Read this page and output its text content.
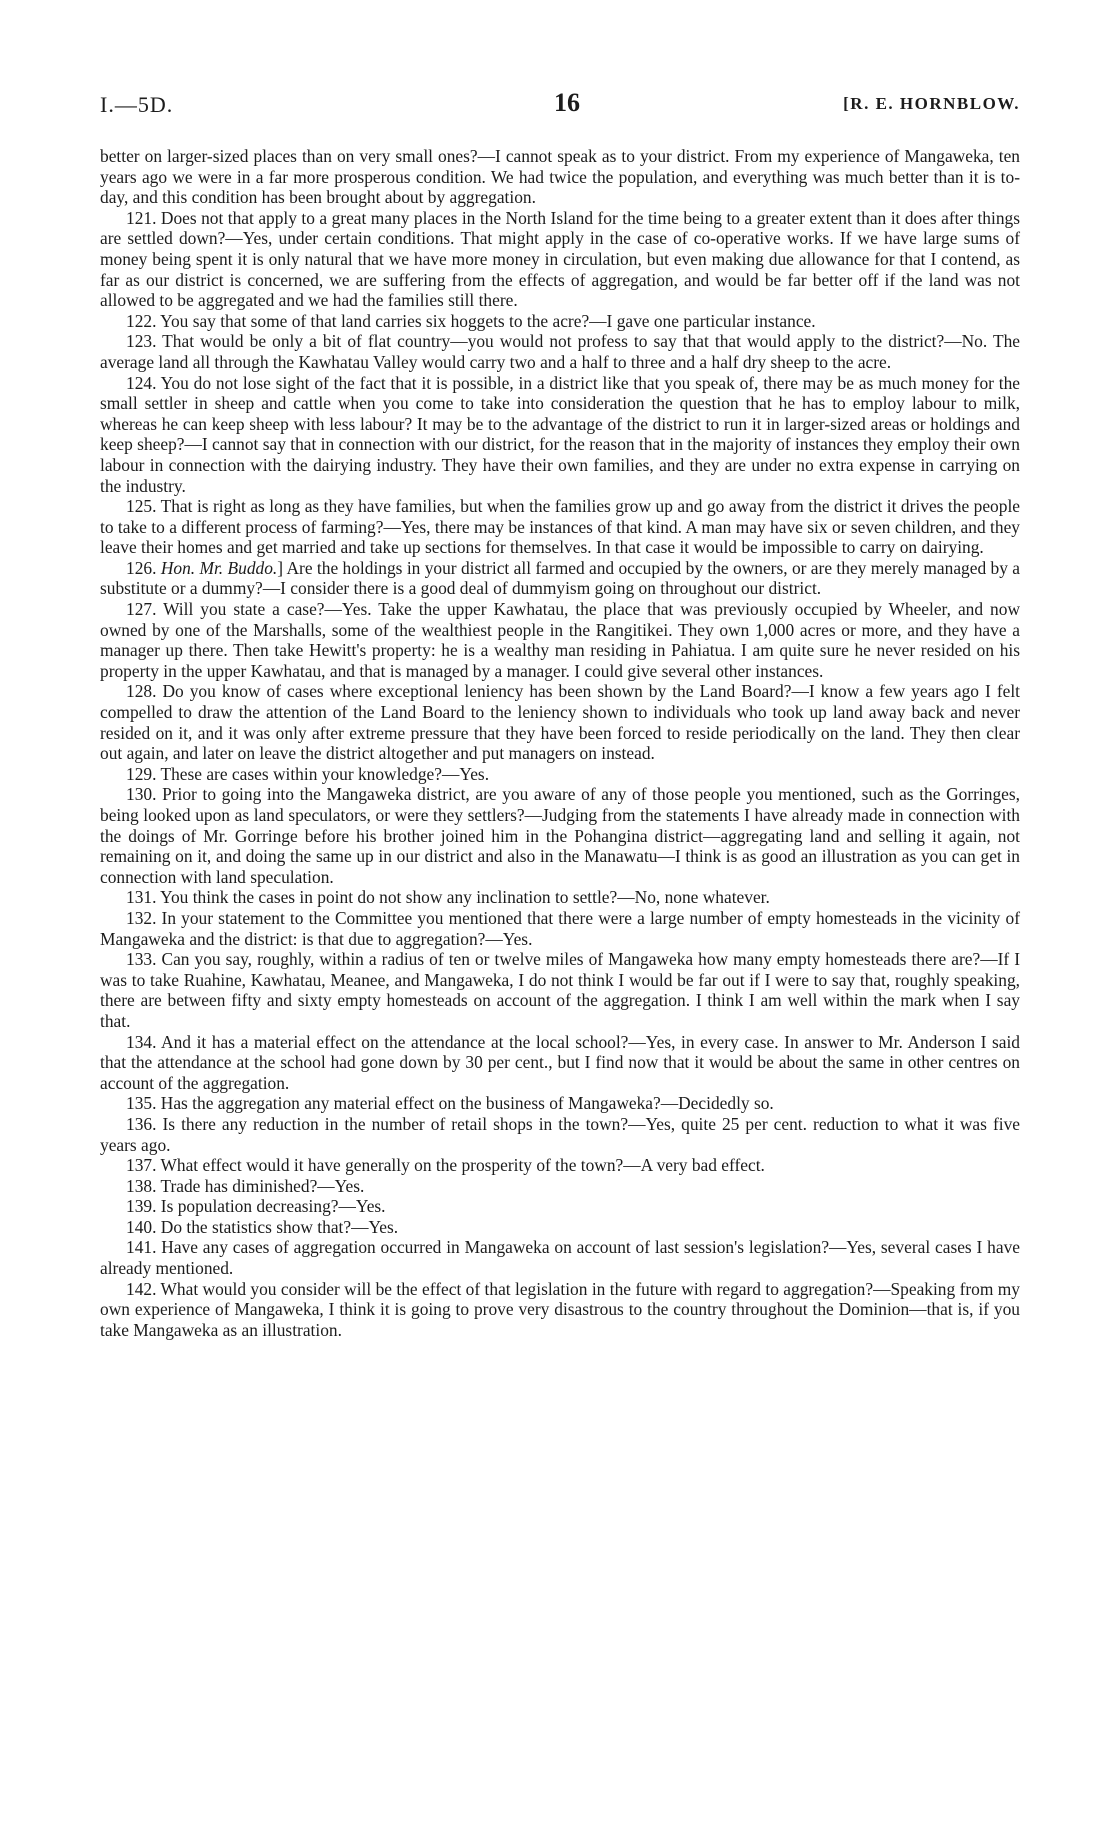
I.—5D.	16	[R. E. HORNBLOW.

better on larger-sized places than on very small ones?—I cannot speak as to your district. From my experience of Mangaweka, ten years ago we were in a far more prosperous condition. We had twice the population, and everything was much better than it is to-day, and this condition has been brought about by aggregation.

121. Does not that apply to a great many places in the North Island for the time being to a greater extent than it does after things are settled down?—Yes, under certain conditions. That might apply in the case of co-operative works. If we have large sums of money being spent it is only natural that we have more money in circulation, but even making due allowance for that I contend, as far as our district is concerned, we are suffering from the effects of aggregation, and would be far better off if the land was not allowed to be aggregated and we had the families still there.

122. You say that some of that land carries six hoggets to the acre?—I gave one particular instance.

123. That would be only a bit of flat country—you would not profess to say that that would apply to the district?—No. The average land all through the Kawhatau Valley would carry two and a half to three and a half dry sheep to the acre.

124. You do not lose sight of the fact that it is possible, in a district like that you speak of, there may be as much money for the small settler in sheep and cattle when you come to take into consideration the question that he has to employ labour to milk, whereas he can keep sheep with less labour? It may be to the advantage of the district to run it in larger-sized areas or holdings and keep sheep?—I cannot say that in connection with our district, for the reason that in the majority of instances they employ their own labour in connection with the dairying industry. They have their own families, and they are under no extra expense in carrying on the industry.

125. That is right as long as they have families, but when the families grow up and go away from the district it drives the people to take to a different process of farming?—Yes, there may be instances of that kind. A man may have six or seven children, and they leave their homes and get married and take up sections for themselves. In that case it would be impossible to carry on dairying.

126. Hon. Mr. Buddo.] Are the holdings in your district all farmed and occupied by the owners, or are they merely managed by a substitute or a dummy?—I consider there is a good deal of dummyism going on throughout our district.

127. Will you state a case?—Yes. Take the upper Kawhatau, the place that was previously occupied by Wheeler, and now owned by one of the Marshalls, some of the wealthiest people in the Rangitikei. They own 1,000 acres or more, and they have a manager up there. Then take Hewitt's property: he is a wealthy man residing in Pahiatua. I am quite sure he never resided on his property in the upper Kawhatau, and that is managed by a manager. I could give several other instances.

128. Do you know of cases where exceptional leniency has been shown by the Land Board?—I know a few years ago I felt compelled to draw the attention of the Land Board to the leniency shown to individuals who took up land away back and never resided on it, and it was only after extreme pressure that they have been forced to reside periodically on the land. They then clear out again, and later on leave the district altogether and put managers on instead.

129. These are cases within your knowledge?—Yes.

130. Prior to going into the Mangaweka district, are you aware of any of those people you mentioned, such as the Gorringes, being looked upon as land speculators, or were they settlers?—Judging from the statements I have already made in connection with the doings of Mr. Gorringe before his brother joined him in the Pohangina district—aggregating land and selling it again, not remaining on it, and doing the same up in our district and also in the Manawatu—I think is as good an illustration as you can get in connection with land speculation.

131. You think the cases in point do not show any inclination to settle?—No, none whatever.

132. In your statement to the Committee you mentioned that there were a large number of empty homesteads in the vicinity of Mangaweka and the district: is that due to aggregation?—Yes.

133. Can you say, roughly, within a radius of ten or twelve miles of Mangaweka how many empty homesteads there are?—If I was to take Ruahine, Kawhatau, Meanee, and Mangaweka, I do not think I would be far out if I were to say that, roughly speaking, there are between fifty and sixty empty homesteads on account of the aggregation. I think I am well within the mark when I say that.

134. And it has a material effect on the attendance at the local school?—Yes, in every case. In answer to Mr. Anderson I said that the attendance at the school had gone down by 30 per cent., but I find now that it would be about the same in other centres on account of the aggregation.

135. Has the aggregation any material effect on the business of Mangaweka?—Decidedly so.

136. Is there any reduction in the number of retail shops in the town?—Yes, quite 25 per cent. reduction to what it was five years ago.

137. What effect would it have generally on the prosperity of the town?—A very bad effect.

138. Trade has diminished?—Yes.

139. Is population decreasing?—Yes.

140. Do the statistics show that?—Yes.

141. Have any cases of aggregation occurred in Mangaweka on account of last session's legislation?—Yes, several cases I have already mentioned.

142. What would you consider will be the effect of that legislation in the future with regard to aggregation?—Speaking from my own experience of Mangaweka, I think it is going to prove very disastrous to the country throughout the Dominion—that is, if you take Mangaweka as an illustration.
